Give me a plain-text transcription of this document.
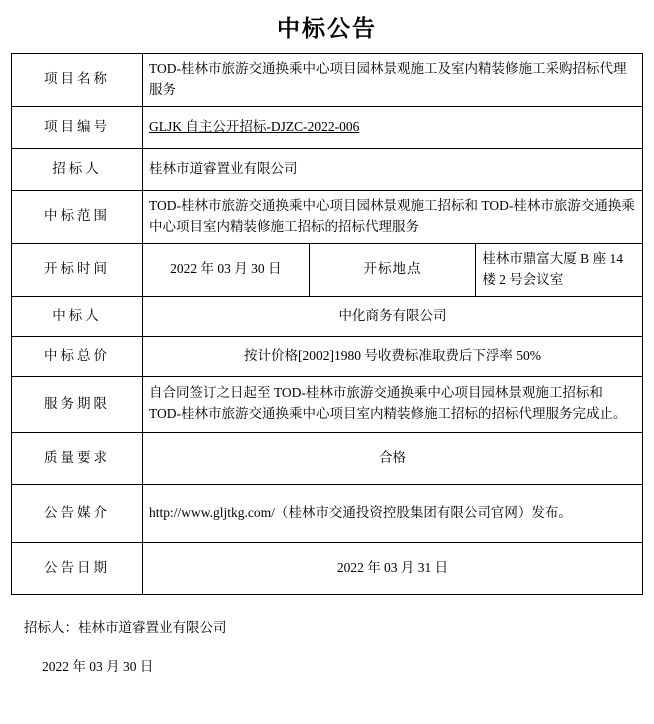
中标公告
项目名称	TOD-桂林市旅游交通换乘中心项目园林景观施工及室内精装修施工采购招标代理服务		
项目编号	GLJK 自主公开招标-DJZC-2022-006		
招标人	桂林市道睿置业有限公司		
中标范围	TOD-桂林市旅游交通换乘中心项目园林景观施工招标和 TOD-桂林市旅游交通换乘中心项目室内精装修施工招标的招标代理服务		
开标时间	2022 年 03 月 30 日	开标地点	桂林市鼎富大厦 B 座 14 楼 2 号会议室
中标人	中化商务有限公司		
中标总价	按计价格[2002]1980 号收费标准取费后下浮率 50%		
服务期限	自合同签订之日起至 TOD-桂林市旅游交通换乘中心项目园林景观施工招标和 TOD-桂林市旅游交通换乘中心项目室内精装修施工招标的招标代理服务完成止。		
质量要求	合格		
公告媒介	http://www.gljtkg.com/（桂林市交通投资控股集团有限公司官网）发布。		
公告日期	2022 年 03 月 31 日		
招标人：桂林市道睿置业有限公司
2022 年 03 月 30 日
